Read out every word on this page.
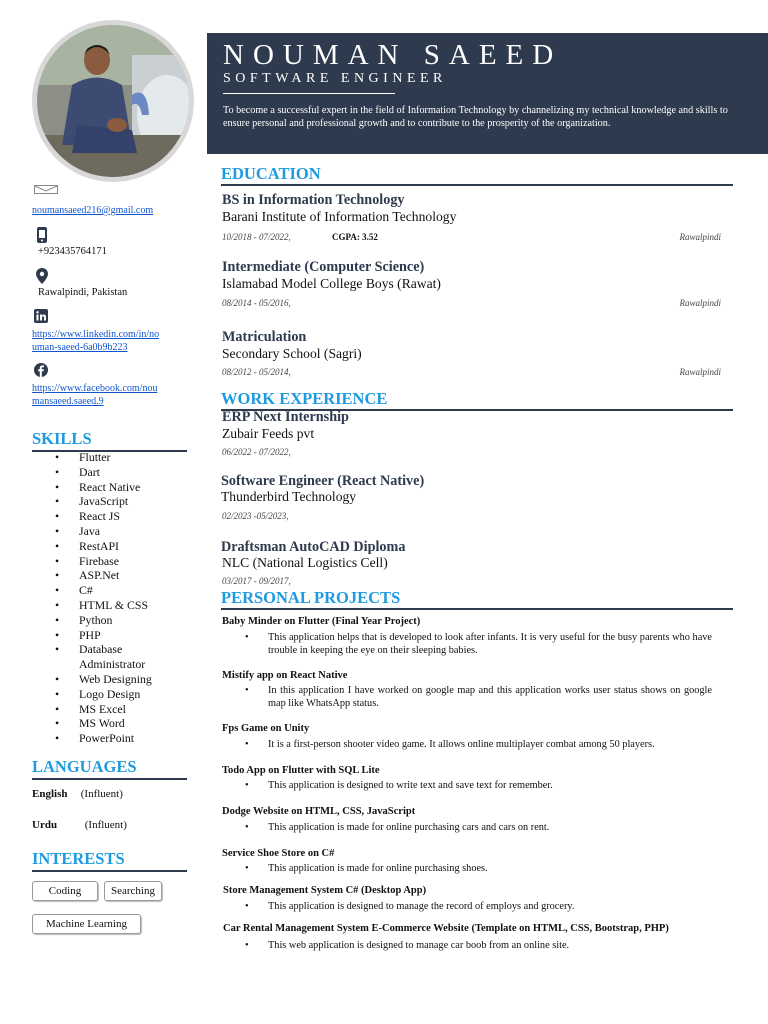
NOUMAN SAEED
SOFTWARE ENGINEER
To become a successful expert in the field of Information Technology by channelizing my technical knowledge and skills to ensure personal and professional growth and to contribute to the prosperity of the organization.
noumansaeed216@gmail.com
+923435764171
Rawalpindi, Pakistan
https://www.linkedin.com/in/no
uman-saeed-6a0b9b223
https://www.facebook.com/nou
mansaeed.saeed.9
SKILLS
• Flutter
• Dart
• React Native
• JavaScript
• React JS
• Java
• RestAPI
• Firebase
• ASP.Net
• C#
• HTML & CSS
• Python
• PHP
• Database
Administrator
• Web Designing
• Logo Design
• MS Excel
• MS Word
• PowerPoint
LANGUAGES
English (Influent)
Urdu	(Influent)
INTERESTS
Coding	Searching
Machine Learning
EDUCATION
BS in Information Technology
Barani Institute of Information Technology
10/2018 - 07/2022,	CGPA: 3.52	Rawalpindi
Intermediate (Computer Science)
Islamabad Model College Boys (Rawat)
08/2014 - 05/2016,	Rawalpindi
Matriculation
Secondary School (Sagri)
08/2012 - 05/2014,	Rawalpindi
WORK EXPERIENCE
ERP Next Internship
Zubair Feeds pvt
06/2022 - 07/2022,
Software Engineer (React Native)
Thunderbird Technology
02/2023 -05/2023,
Draftsman AutoCAD Diploma
NLC (National Logistics Cell)
03/2017 - 09/2017,
PERSONAL PROJECTS
Baby Minder on Flutter (Final Year Project)
• This application helps that is developed to look after infants. It is very useful for the busy parents who have trouble in keeping the eye on their sleeping babies.
Mistify app on React Native
• In this application I have worked on google map and this application works user status shows on google map like WhatsApp status.
Fps Game on Unity
• It is a first-person shooter video game. It allows online multiplayer combat among 50 players.
Todo App on Flutter with SQL Lite
• This application is designed to write text and save text for remember.
Dodge Website on HTML, CSS, JavaScript
• This application is made for online purchasing cars and cars on rent.
Service Shoe Store on C#
• This application is made for online purchasing shoes.
Store Management System C# (Desktop App)
• This application is designed to manage the record of employs and grocery.
Car Rental Management System E-Commerce Website (Template on HTML, CSS, Bootstrap, PHP)
• This web application is designed to manage car boob from an online site.
